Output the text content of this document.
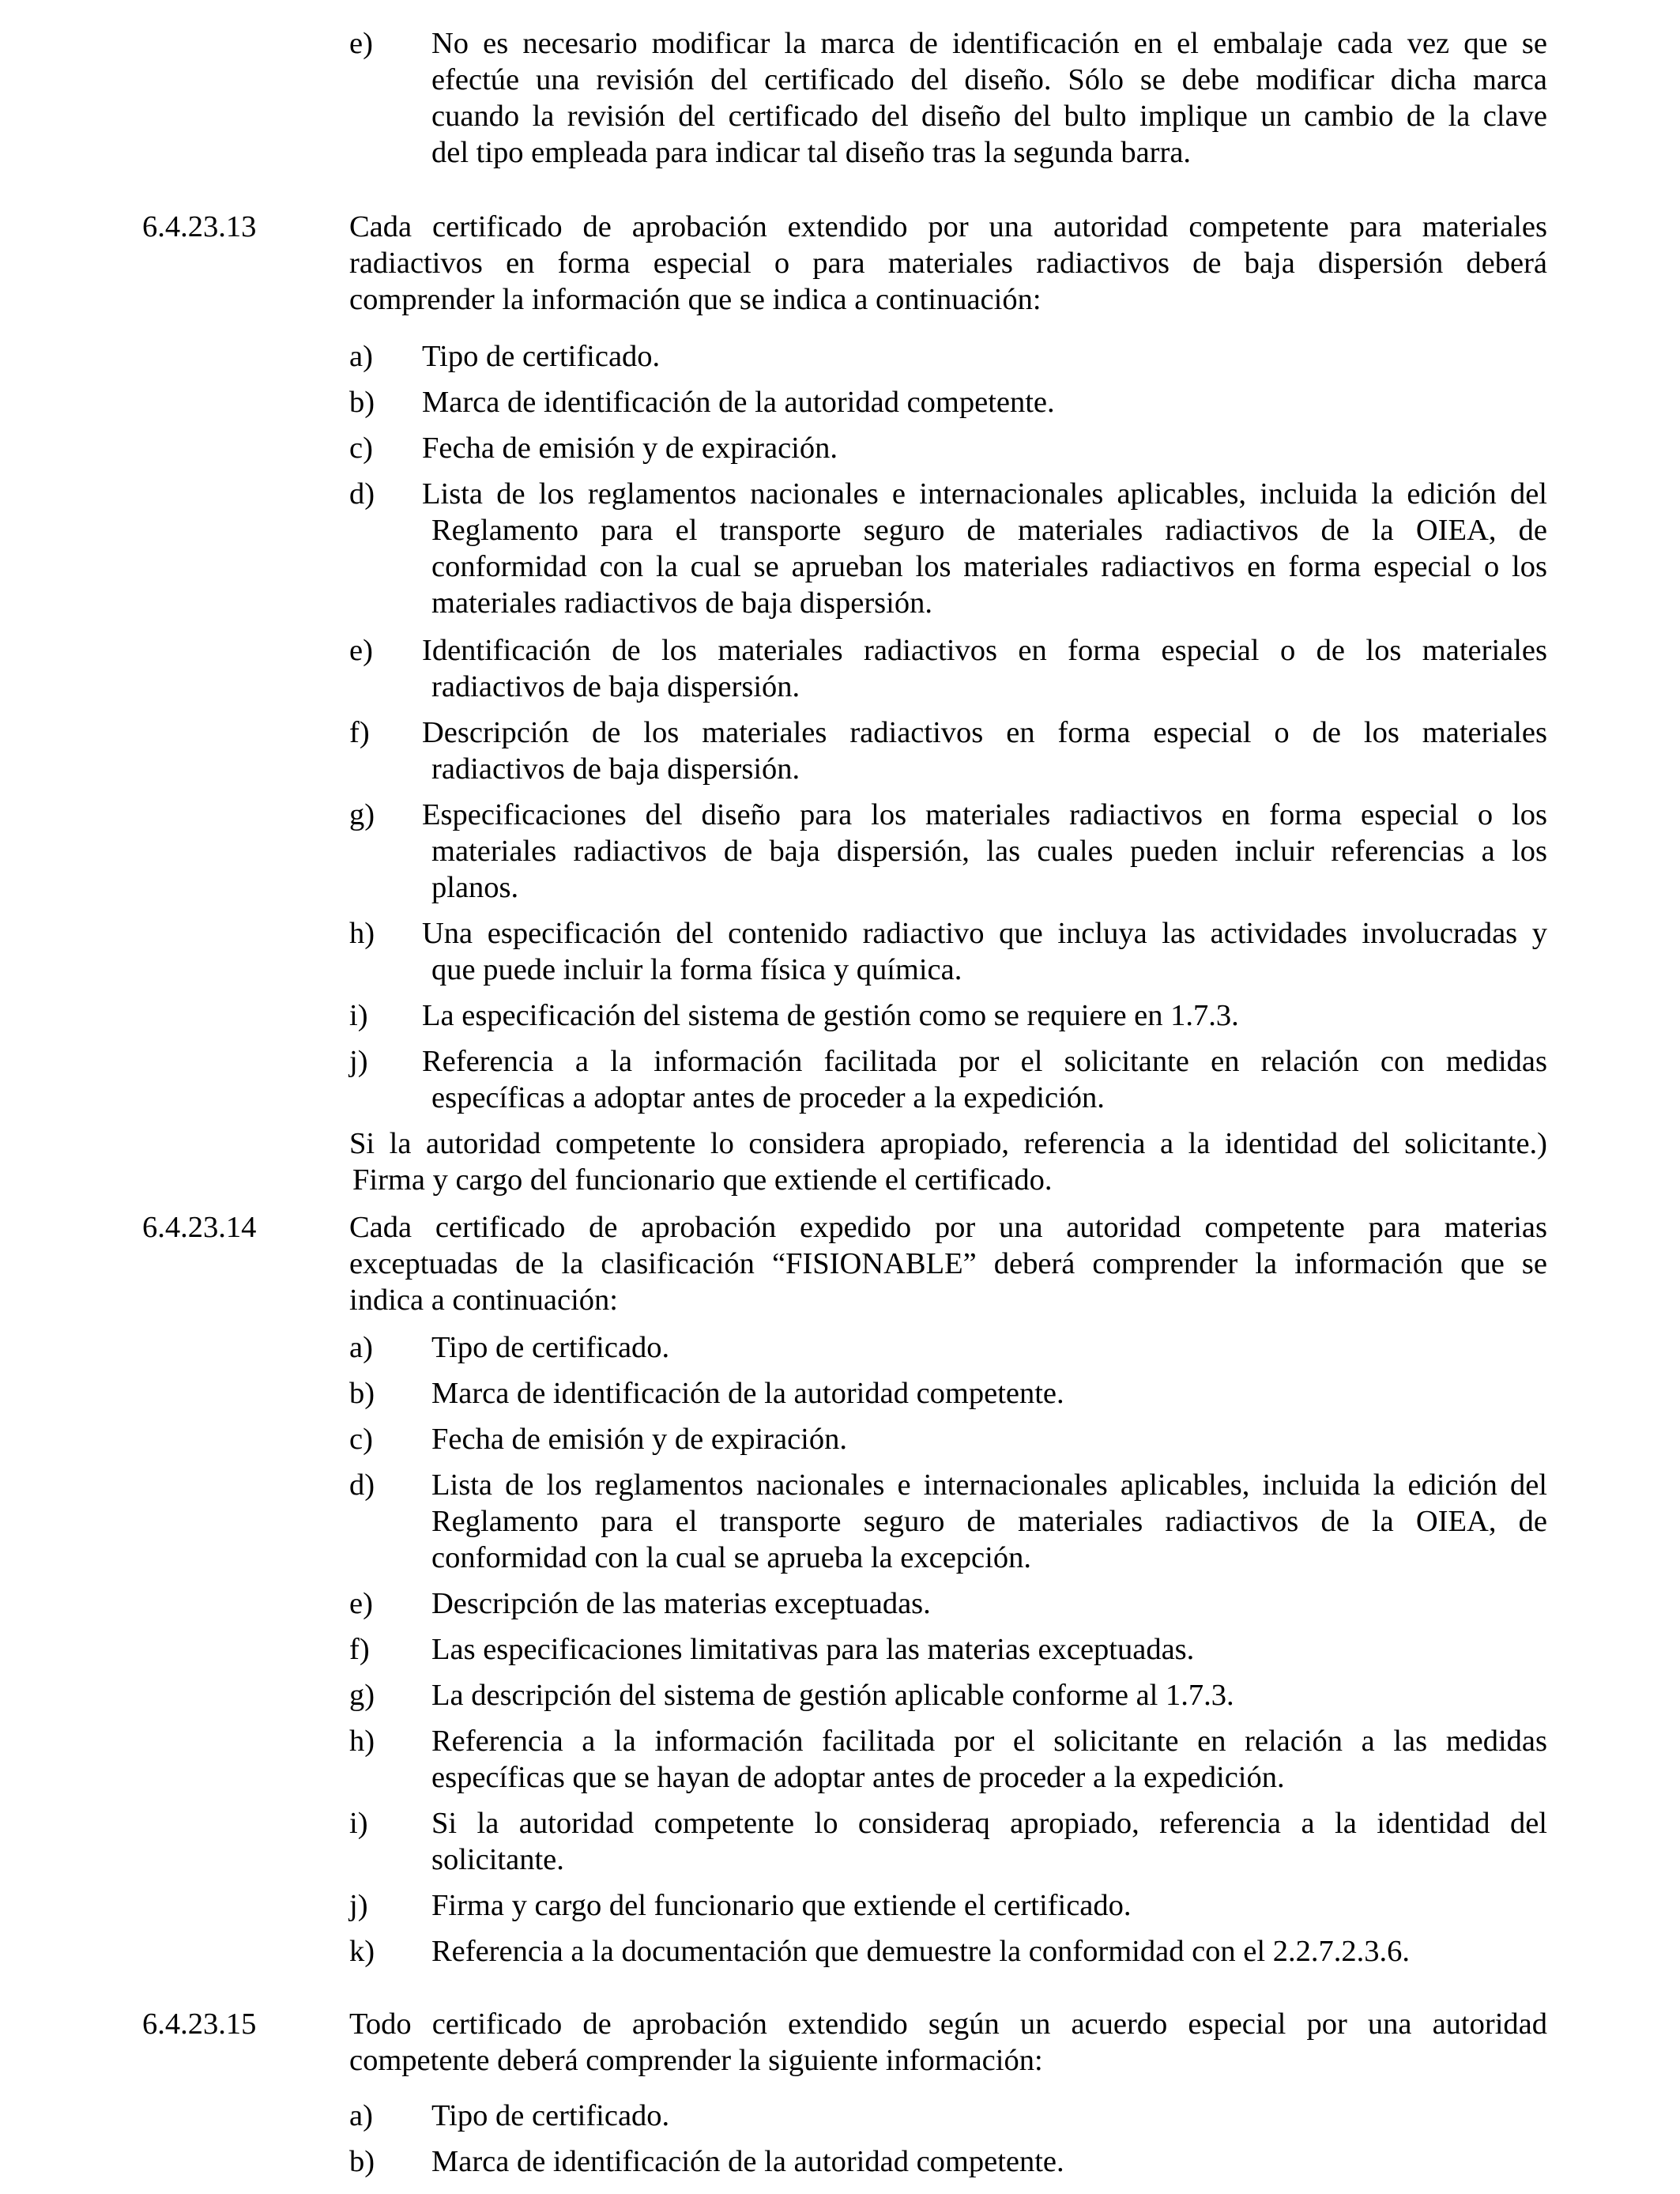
e) No es necesario modificar la marca de identificación en el embalaje cada vez que se
efectúe una revisión del certificado del diseño. Sólo se debe modificar dicha marca
cuando la revisión del certificado del diseño del bulto implique un cambio de la clave
del tipo empleada para indicar tal diseño tras la segunda barra.
6.4.23.13	Cada certificado de aprobación extendido por una autoridad competente para materiales
radiactivos en forma especial o para materiales radiactivos de baja dispersión deberá
comprender la información que se indica a continuación:
a) Tipo de certificado.
b) Marca de identificación de la autoridad competente.
c) Fecha de emisión y de expiración.
d) Lista de los reglamentos nacionales e internacionales aplicables, incluida la edición del
Reglamento para el transporte seguro de materiales radiactivos de la OIEA, de
conformidad con la cual se aprueban los materiales radiactivos en forma especial o los
materiales radiactivos de baja dispersión.
e) Identificación de los materiales radiactivos en forma especial o de los materiales
radiactivos de baja dispersión.
f) Descripción de los materiales radiactivos en forma especial o de los materiales
radiactivos de baja dispersión.
g) Especificaciones del diseño para los materiales radiactivos en forma especial o los
materiales radiactivos de baja dispersión, las cuales pueden incluir referencias a los
planos.
h) Una especificación del contenido radiactivo que incluya las actividades involucradas y
que puede incluir la forma física y química.
i) La especificación del sistema de gestión como se requiere en 1.7.3.
j) Referencia a la información facilitada por el solicitante en relación con medidas
específicas a adoptar antes de proceder a la expedición.
Si la autoridad competente lo considera apropiado, referencia a la identidad del solicitante.)
Firma y cargo del funcionario que extiende el certificado.
6.4.23.14	Cada certificado de aprobación expedido por una autoridad competente para materias
exceptuadas de la clasificación “FISIONABLE” deberá comprender la información que se
indica a continuación:
a) Tipo de certificado.
b) Marca de identificación de la autoridad competente.
c) Fecha de emisión y de expiración.
d) Lista de los reglamentos nacionales e internacionales aplicables, incluida la edición del
Reglamento para el transporte seguro de materiales radiactivos de la OIEA, de
conformidad con la cual se aprueba la excepción.
e) Descripción de las materias exceptuadas.
f) Las especificaciones limitativas para las materias exceptuadas.
g) La descripción del sistema de gestión aplicable conforme al 1.7.3.
h) Referencia a la información facilitada por el solicitante en relación a las medidas
específicas que se hayan de adoptar antes de proceder a la expedición.
i) Si la autoridad competente lo consideraq apropiado, referencia a la identidad del
solicitante.
j) Firma y cargo del funcionario que extiende el certificado.
k) Referencia a la documentación que demuestre la conformidad con el 2.2.7.2.3.6.
6.4.23.15	Todo certificado de aprobación extendido según un acuerdo especial por una autoridad
competente deberá comprender la siguiente información:
a) Tipo de certificado.
b) Marca de identificación de la autoridad competente.
